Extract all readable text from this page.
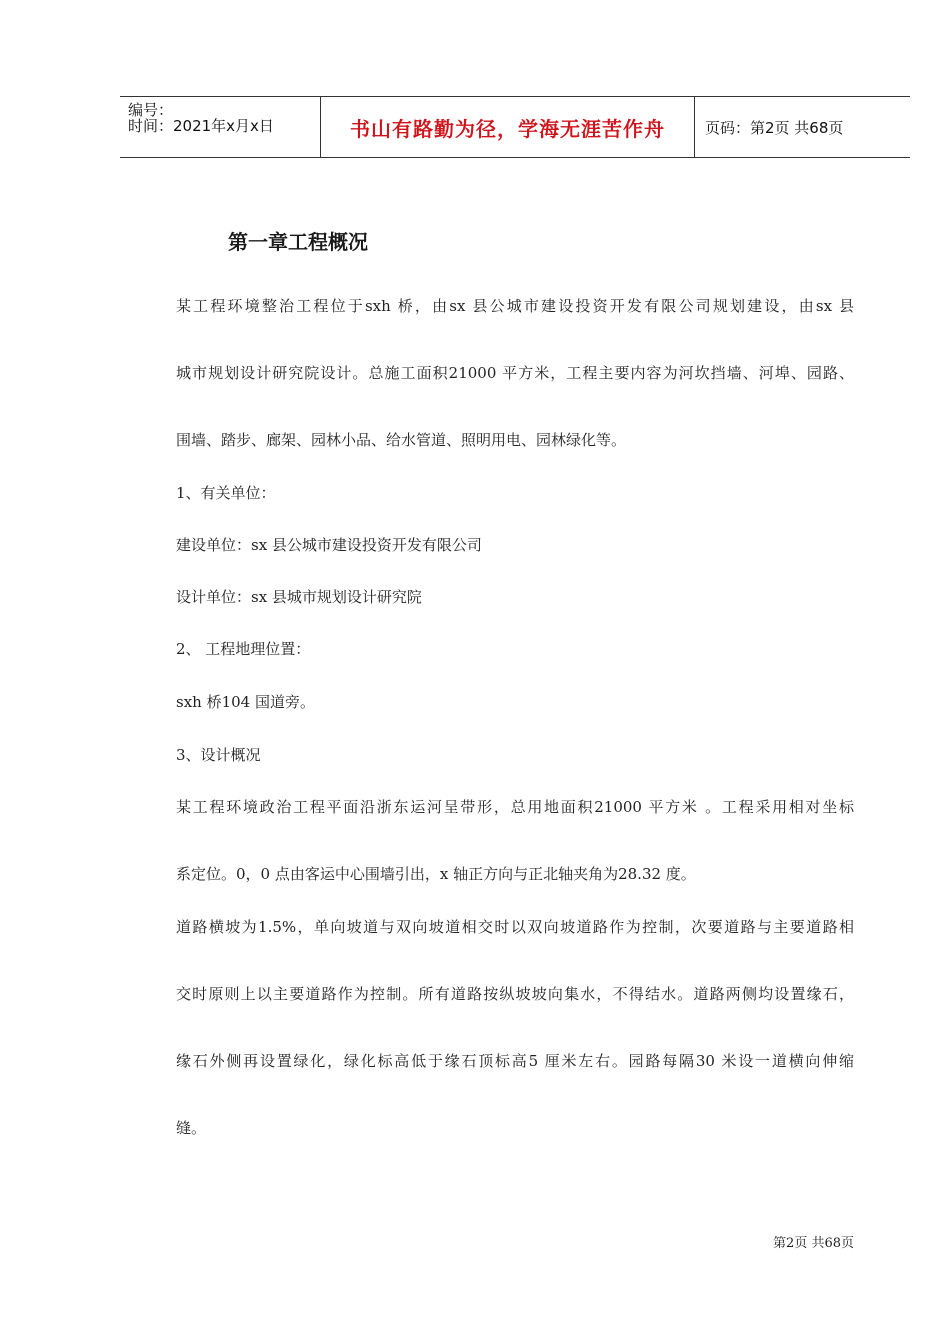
编号：
时间：2021年x月x日	书山有路勤为径，学海无涯苦作舟	页码：第2页 共68页
第一章工程概况
某工程环境整治工程位于sxh 桥，由sx 县公城市建设投资开发有限公司规划建设，由sx 县
城市规划设计研究院设计。总施工面积21000 平方米，工程主要内容为河坎挡墙、河埠、园路、
围墙、踏步、廊架、园林小品、给水管道、照明用电、园林绿化等。
1、有关单位：
建设单位：sx 县公城市建设投资开发有限公司
设计单位：sx 县城市规划设计研究院
2、 工程地理位置：
sxh 桥104 国道旁。
3、设计概况
某工程环境政治工程平面沿浙东运河呈带形，总用地面积21000 平方米 。工程采用相对坐标
系定位。0，0 点由客运中心围墙引出，x 轴正方向与正北轴夹角为28.32 度。
道路横坡为1.5%，单向坡道与双向坡道相交时以双向坡道路作为控制，次要道路与主要道路相
交时原则上以主要道路作为控制。所有道路按纵坡坡向集水，不得结水。道路两侧均设置缘石，
缘石外侧再设置绿化，绿化标高低于缘石顶标高5 厘米左右。园路每隔30 米设一道横向伸缩
缝。
第2页 共68页
